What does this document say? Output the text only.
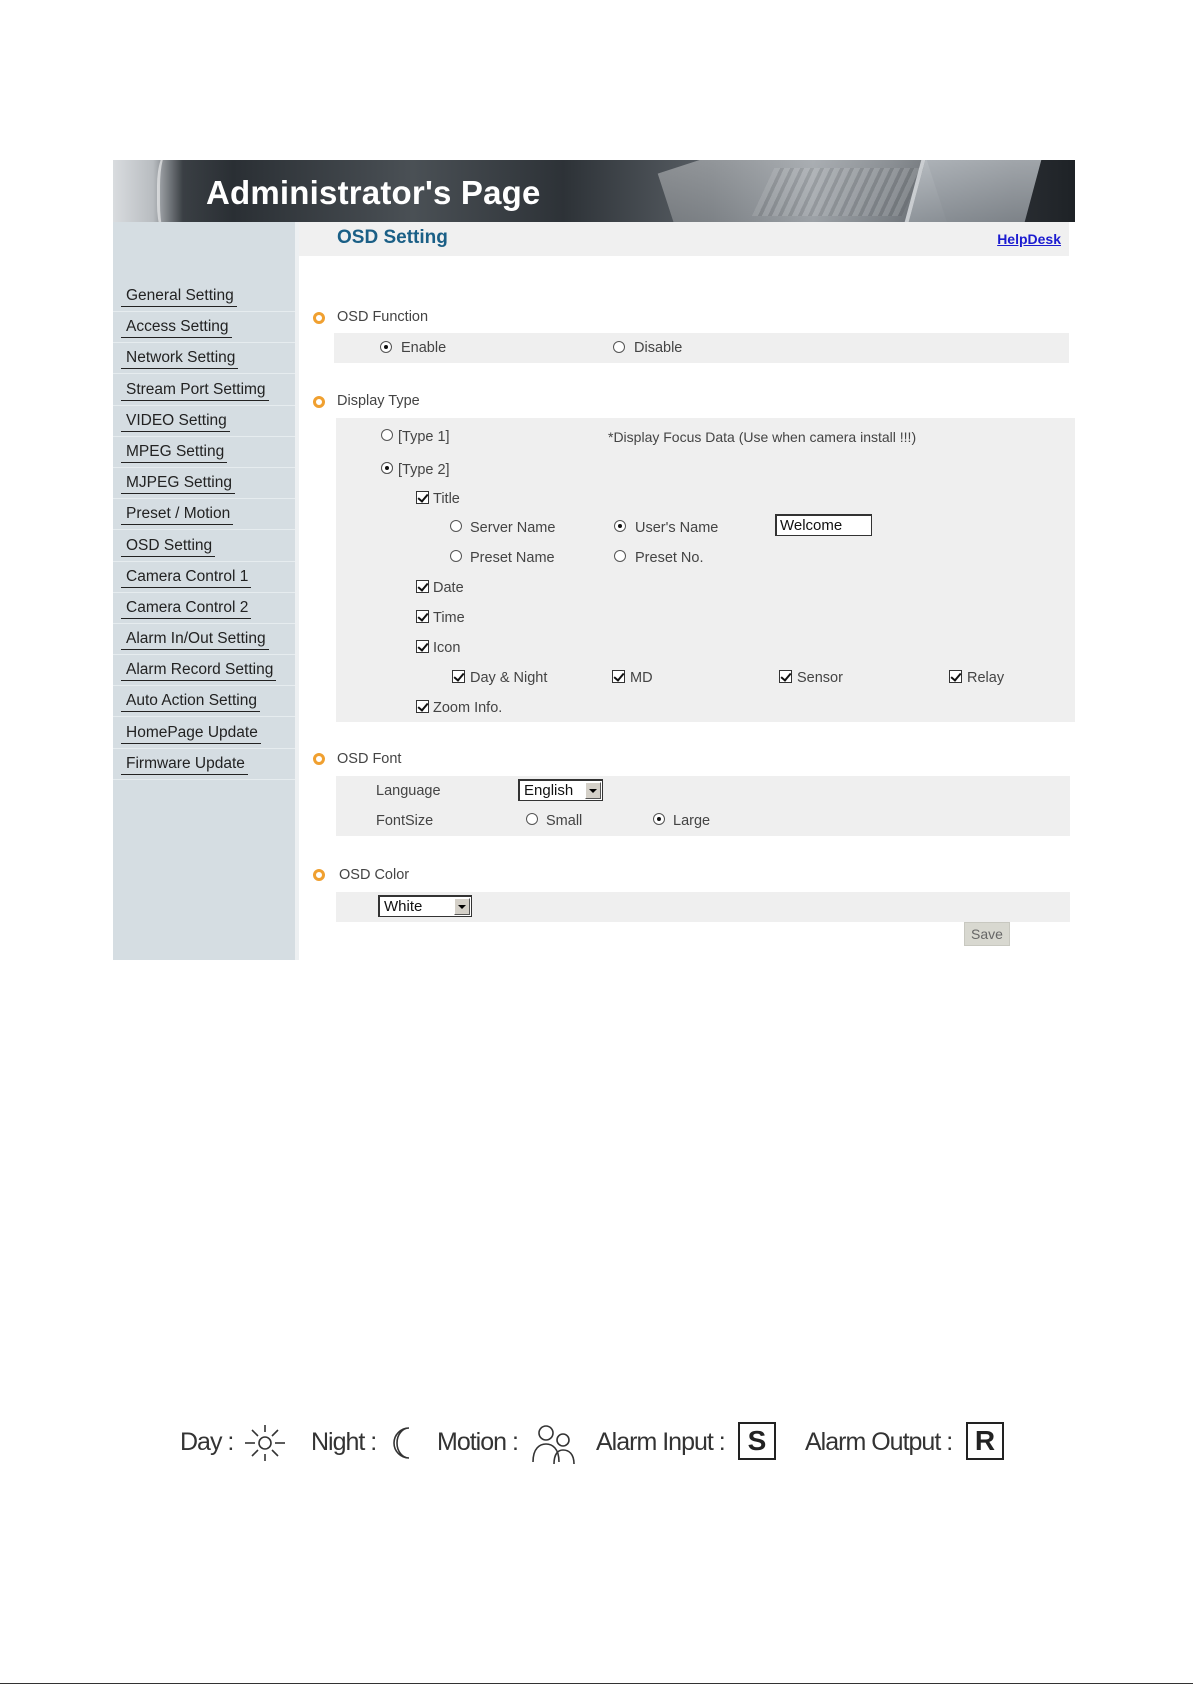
Administrator's Page
General Setting
Access Setting
Network Setting
Stream Port Settimg
VIDEO Setting
MPEG Setting
MJPEG Setting
Preset / Motion
OSD Setting
Camera Control 1
Camera Control 2
Alarm In/Out Setting
Alarm Record Setting
Auto Action Setting
HomePage Update
Firmware Update
OSD Setting	HelpDesk
OSD Function
Enable	Disable
Display Type
[Type 1]	*Display Focus Data (Use when camera install !!!)
[Type 2]
Title
Server Name	User's Name
Welcome
Preset Name	Preset No.
Date
Time
Icon
Day & Night	MD	Sensor	Relay
Zoom Info.
OSD Font
Language	English
FontSize	Small	Large
OSD Color
White
Save
Day :	Night : Motion :	Alarm Input : S	Alarm Output : R
